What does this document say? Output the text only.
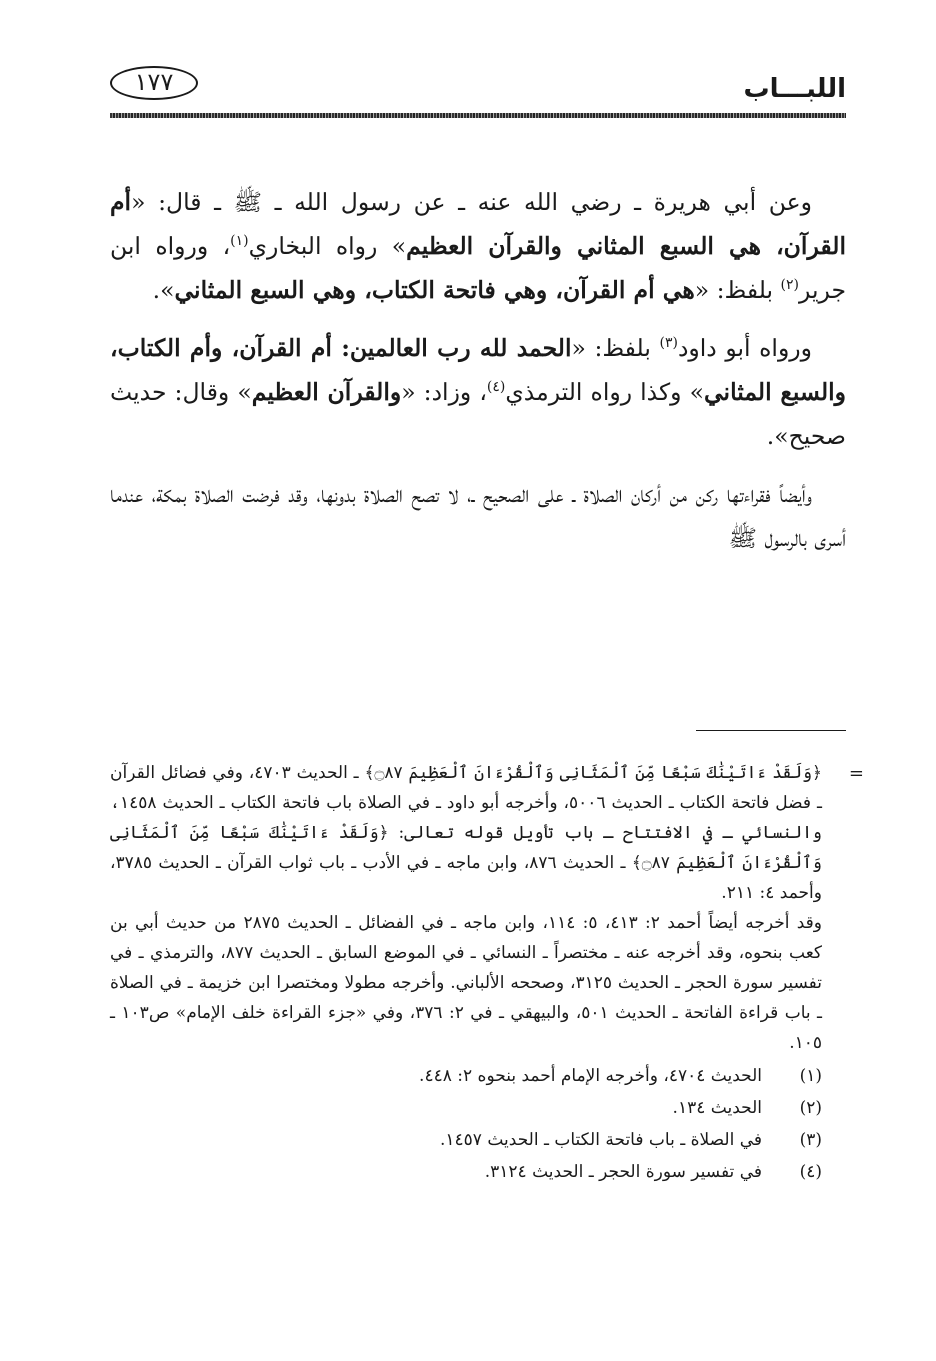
اللبـــاب
١٧٧

وعن أبي هريرة ـ رضي الله عنه ـ عن رسول الله ـ ﷺ ـ قال: «أم القرآن، هي السبع المثاني والقرآن العظيم» رواه البخاري$^{(١)}$، ورواه ابن جرير$^{(٢)}$ بلفظ: «هي أم القرآن، وهي فاتحة الكتاب، وهي السبع المثاني».

ورواه أبو داود$^{(٣)}$ بلفظ: «الحمد لله رب العالمين: أم القرآن، وأم الكتاب، والسبع المثاني» وكذا رواه الترمذي$^{(٤)}$، وزاد: «والقرآن العظيم» وقال: حديث صحيح».

وأيضاً فقراءتها ركن من أركان الصلاة ـ على الصحيح ـ، لا تصح الصلاة بدونها، وقد فرضت الصلاة بمكة، عندما أسرى بالرسول ﷺ

=

﴿وَلَقَدْ ءَاتَيْنَٰكَ سَبْعًا مِّنَ ٱلْمَثَانِى وَٱلْقُرْءَانَ ٱلْعَظِيمَ ۝٨٧﴾ ـ الحديث ٤٧٠٣، وفي فضائل القرآن ـ فضل فاتحة الكتاب ـ الحديث ٥٠٠٦، وأخرجه أبو داود ـ في الصلاة باب فاتحة الكتاب ـ الحديث ١٤٥٨، والنسائي ـ في الافتتاح ـ باب تأويل قوله تعالى: ﴿وَلَقَدْ ءَاتَيْنَٰكَ سَبْعًا مِّنَ ٱلْمَثَانِى وَٱلْقُرْءَانَ ٱلْعَظِيمَ ۝٨٧﴾ ـ الحديث ٨٧٦، وابن ماجه ـ في الأدب ـ باب ثواب القرآن ـ الحديث ٣٧٨٥، وأحمد ٤: ٢١١.

وقد أخرجه أيضاً أحمد ٢: ٤١٣، ٥: ١١٤، وابن ماجه ـ في الفضائل ـ الحديث ٢٨٧٥ من حديث أبي بن كعب بنحوه، وقد أخرجه عنه ـ مختصراً ـ النسائي ـ في الموضع السابق ـ الحديث ٨٧٧، والترمذي ـ في تفسير سورة الحجر ـ الحديث ٣١٢٥، وصححه الألباني. وأخرجه مطولا ومختصرا ابن خزيمة ـ في الصلاة ـ باب قراءة الفاتحة ـ الحديث ٥٠١، والبيهقي ـ في ٢: ٣٧٦، وفي «جزء القراءة خلف الإمام» ص١٠٣ ـ ١٠٥.

(١)
الحديث ٤٧٠٤، وأخرجه الإمام أحمد بنحوه ٢: ٤٤٨.
(٢)
الحديث ١٣٤.
(٣)
في الصلاة ـ باب فاتحة الكتاب ـ الحديث ١٤٥٧.
(٤)
في تفسير سورة الحجر ـ الحديث ٣١٢٤.
